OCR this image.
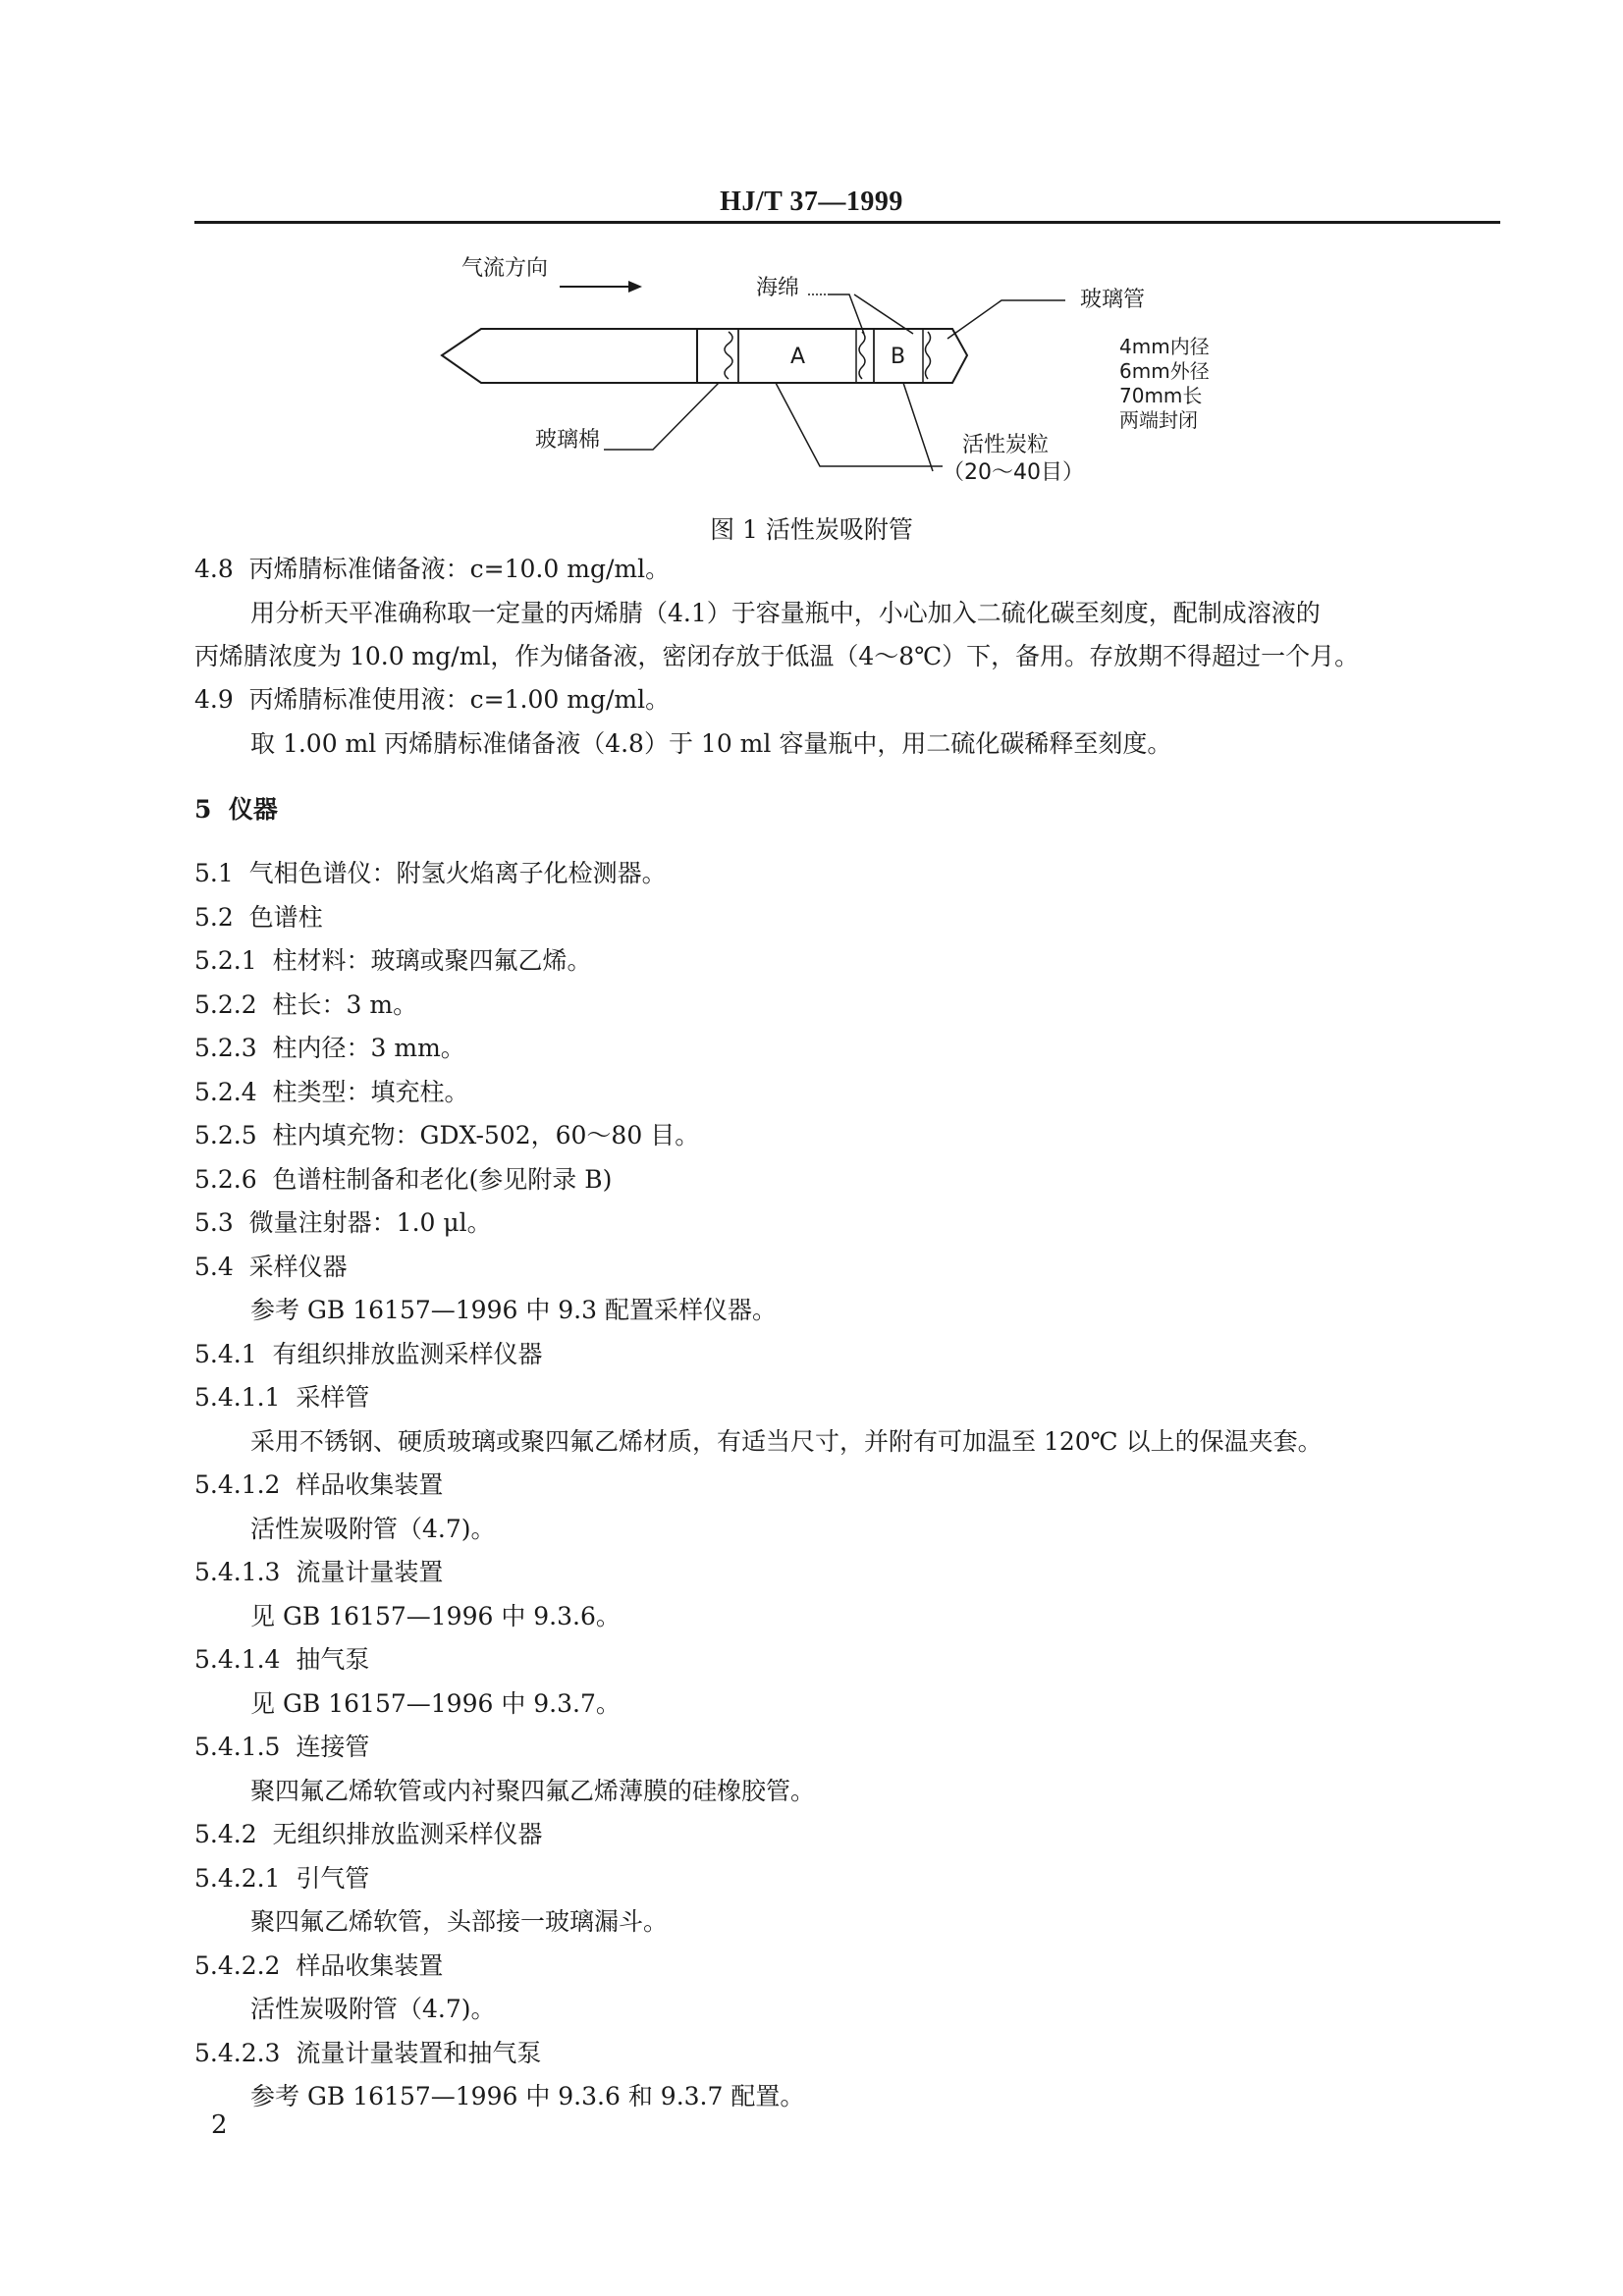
HJ/T 37—1999
气流方向
海绵	玻璃管
A	B	4mm内径
6mm外径
70mm长
两端封闭
玻璃棉	活性炭粒
（20～40目）
图 1 活性炭吸附管
4.8 丙烯腈标准储备液：c=10.0 mg/ml。
用分析天平准确称取一定量的丙烯腈（4.1）于容量瓶中，小心加入二硫化碳至刻度，配制成溶液的
丙烯腈浓度为 10.0 mg/ml，作为储备液，密闭存放于低温（4～8℃）下，备用。存放期不得超过一个月。
4.9 丙烯腈标准使用液：c=1.00 mg/ml。
取 1.00 ml 丙烯腈标准储备液（4.8）于 10 ml 容量瓶中，用二硫化碳稀释至刻度。
5 仪器
5.1 气相色谱仪：附氢火焰离子化检测器。
5.2 色谱柱
5.2.1 柱材料：玻璃或聚四氟乙烯。
5.2.2 柱长：3 m。
5.2.3 柱内径：3 mm。
5.2.4 柱类型：填充柱。
5.2.5 柱内填充物：GDX-502，60～80 目。
5.2.6 色谱柱制备和老化(参见附录 B)
5.3 微量注射器：1.0 μl。
5.4 采样仪器
参考 GB 16157—1996 中 9.3 配置采样仪器。
5.4.1 有组织排放监测采样仪器
5.4.1.1 采样管
采用不锈钢、硬质玻璃或聚四氟乙烯材质，有适当尺寸，并附有可加温至 120℃ 以上的保温夹套。
5.4.1.2 样品收集装置
活性炭吸附管（4.7)。
5.4.1.3 流量计量装置
见 GB 16157—1996 中 9.3.6。
5.4.1.4 抽气泵
见 GB 16157—1996 中 9.3.7。
5.4.1.5 连接管
聚四氟乙烯软管或内衬聚四氟乙烯薄膜的硅橡胶管。
5.4.2 无组织排放监测采样仪器
5.4.2.1 引气管
聚四氟乙烯软管，头部接一玻璃漏斗。
5.4.2.2 样品收集装置
活性炭吸附管（4.7)。
5.4.2.3 流量计量装置和抽气泵
参考 GB 16157—1996 中 9.3.6 和 9.3.7 配置。
2
